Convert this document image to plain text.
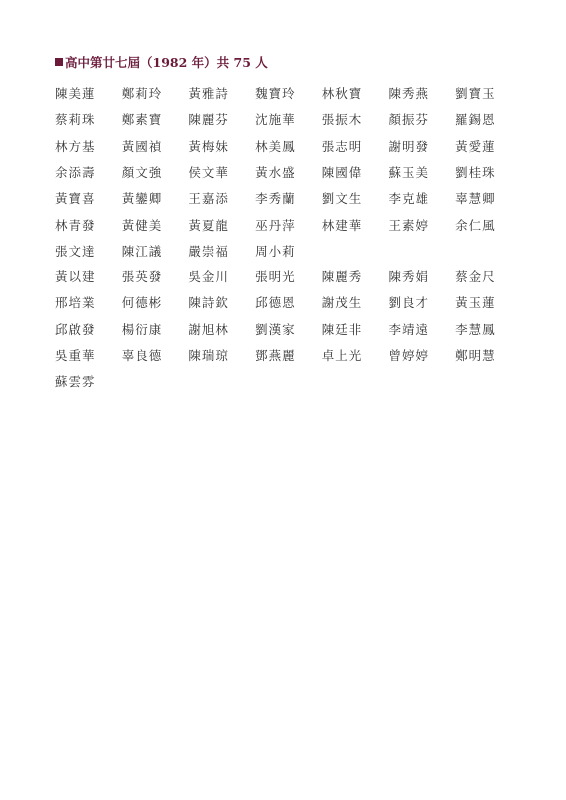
高中第廿七屆（1982 年）共 75 人
陳美蓮	鄭莉玲	黃雅詩	魏寶玲	林秋寶	陳秀燕	劉寶玉
蔡莉珠	鄭素寶	陳麗芬	沈施華	張振木	顏振芬	羅錫恩
林方基	黃國禎	黃梅妹	林美鳳	張志明	謝明發	黃愛蓮
余添壽	顏文強	侯文華	黃水盛	陳國偉	蘇玉美	劉桂珠
黃寶喜	黃鑾卿	王嘉添	李秀蘭	劉文生	李克雄	辜慧卿
林青發	黃健美	黃夏龍	巫丹萍	林建華	王素婷	余仁風
張文達	陳江議	嚴崇福	周小莉
黃以建	張英發	吳金川	張明光	陳麗秀	陳秀娟	蔡金尺
邢培業	何德彬	陳詩欽	邱德恩	謝茂生	劉良才	黃玉蓮
邱啟發	楊衍康	謝旭林	劉漢家	陳廷非	李靖遠	李慧鳳
吳重華	辜良德	陳瑞琼	鄧燕麗	卓上光	曾婷婷	鄭明慧
蘇雲雰
